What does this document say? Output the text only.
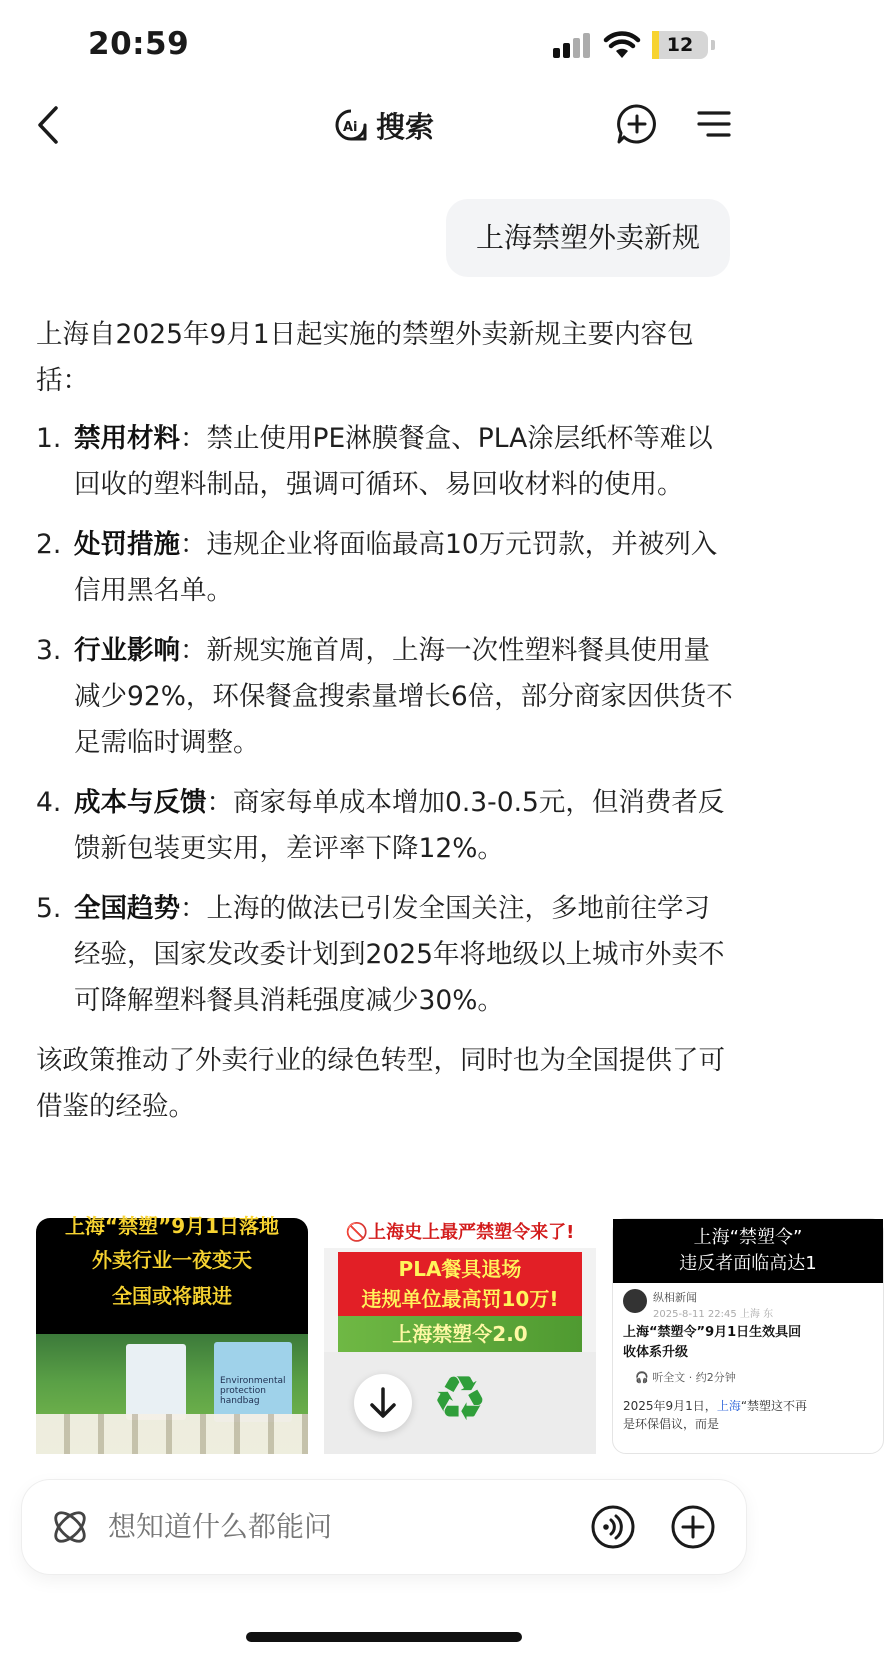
20:59	12
Ai 搜索
上海禁塑外卖新规

上海自2025年9月1日起实施的禁塑外卖新规主要内容包括：

1. 禁用材料：禁止使用PE淋膜餐盒、PLA涂层纸杯等难以回收的塑料制品，强调可循环、易回收材料的使用。
2. 处罚措施：违规企业将面临最高10万元罚款，并被列入信用黑名单。
3. 行业影响：新规实施首周，上海一次性塑料餐具使用量减少92%，环保餐盒搜索量增长6倍，部分商家因供货不足需临时调整。
4. 成本与反馈：商家每单成本增加0.3-0.5元，但消费者反馈新包装更实用，差评率下降12%。
5. 全国趋势：上海的做法已引发全国关注，多地前往学习经验，国家发改委计划到2025年将地级以上城市外卖不可降解塑料餐具消耗强度减少30%。

该政策推动了外卖行业的绿色转型，同时也为全国提供了可借鉴的经验。

上海“禁塑”9月1日落地
外卖行业一夜变天
全国或将跟进
Environmental protection handbag
🚫上海史上最严禁塑令来了!
PLA餐具退场
违规单位最高罚10万!
上海禁塑令2.0
♻
上海“禁塑令”
违反者面临高达1
纵相新闻
2025-8-11 22:45 上海 东
上海“禁塑令”9月1日生效具回收体系升级
🎧 听全文 · 约2分钟
2025年9月1日，上海“禁塑这不再是环保倡议，而是
想知道什么都能问
